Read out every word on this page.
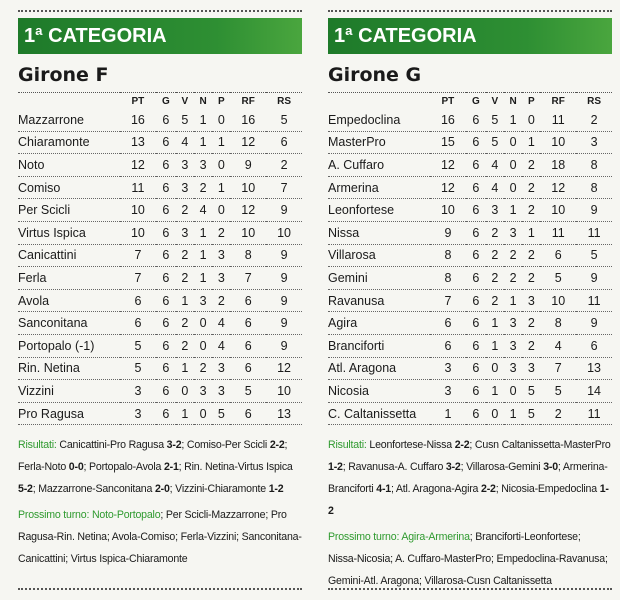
1ª CATEGORIA
Girone F
	PT	G	V	N	P	RF	RS
Mazzarrone	16	6	5	1	0	16	5
Chiaramonte	13	6	4	1	1	12	6
Noto	12	6	3	3	0	9	2
Comiso	11	6	3	2	1	10	7
Per Scicli	10	6	2	4	0	12	9
Virtus Ispica	10	6	3	1	2	10	10
Canicattini	7	6	2	1	3	8	9
Ferla	7	6	2	1	3	7	9
Avola	6	6	1	3	2	6	9
Sanconitana	6	6	2	0	4	6	9
Portopalo (-1)	5	6	2	0	4	6	9
Rin. Netina	5	6	1	2	3	6	12
Vizzini	3	6	0	3	3	5	10
Pro Ragusa	3	6	1	0	5	6	13
Risultati: Canicattini-Pro Ragusa 3-2; Comiso-Per Scicli 2-2; Ferla-Noto 0-0; Portopalo-Avola 2-1; Rin. Netina-Virtus Ispica 5-2; Mazzarrone-Sanconitana 2-0; Vizzini-Chiaramonte 1-2
Prossimo turno: Noto-Portopalo; Per Scicli-Mazzarrone; Pro Ragusa-Rin. Netina; Avola-Comiso; Ferla-Vizzini; Sanconitana-Canicattini; Virtus Ispica-Chiaramonte
1ª CATEGORIA
Girone G
	PT	G	V	N	P	RF	RS
Empedoclina	16	6	5	1	0	11	2
MasterPro	15	6	5	0	1	10	3
A. Cuffaro	12	6	4	0	2	18	8
Armerina	12	6	4	0	2	12	8
Leonfortese	10	6	3	1	2	10	9
Nissa	9	6	2	3	1	11	11
Villarosa	8	6	2	2	2	6	5
Gemini	8	6	2	2	2	5	9
Ravanusa	7	6	2	1	3	10	11
Agira	6	6	1	3	2	8	9
Branciforti	6	6	1	3	2	4	6
Atl. Aragona	3	6	0	3	3	7	13
Nicosia	3	6	1	0	5	5	14
C. Caltanissetta	1	6	0	1	5	2	11
Risultati: Leonfortese-Nissa 2-2; Cusn Caltanissetta-MasterPro 1-2; Ravanusa-A. Cuffaro 3-2; Villarosa-Gemini 3-0; Armerina-Branciforti 4-1; Atl. Aragona-Agira 2-2; Nicosia-Empedoclina 1-2
Prossimo turno: Agira-Armerina; Branciforti-Leonfortese; Nissa-Nicosia; A. Cuffaro-MasterPro; Empedoclina-Ravanusa; Gemini-Atl. Aragona; Villarosa-Cusn Caltanissetta
